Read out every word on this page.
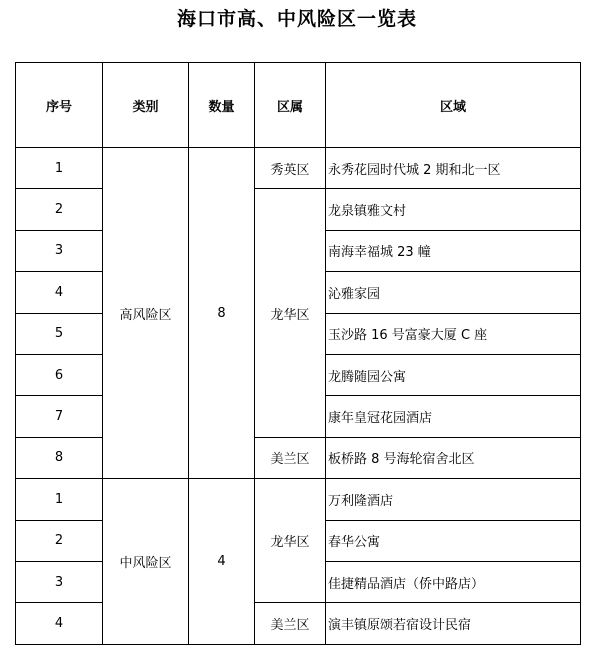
海口市高、中风险区一览表
序号	类别	数量	区属	区域
1	高风险区	8	秀英区	永秀花园时代城 2 期和北一区
2			龙华区	龙泉镇雅文村
3				南海幸福城 23 幢
4				沁雅家园
5				玉沙路 16 号富豪大厦 C 座
6				龙腾随园公寓
7				康年皇冠花园酒店
8			美兰区	板桥路 8 号海轮宿舍北区
1	中风险区	4	龙华区	万利隆酒店
2				春华公寓
3				佳捷精品酒店（侨中路店）
4			美兰区	演丰镇原颂若宿设计民宿
